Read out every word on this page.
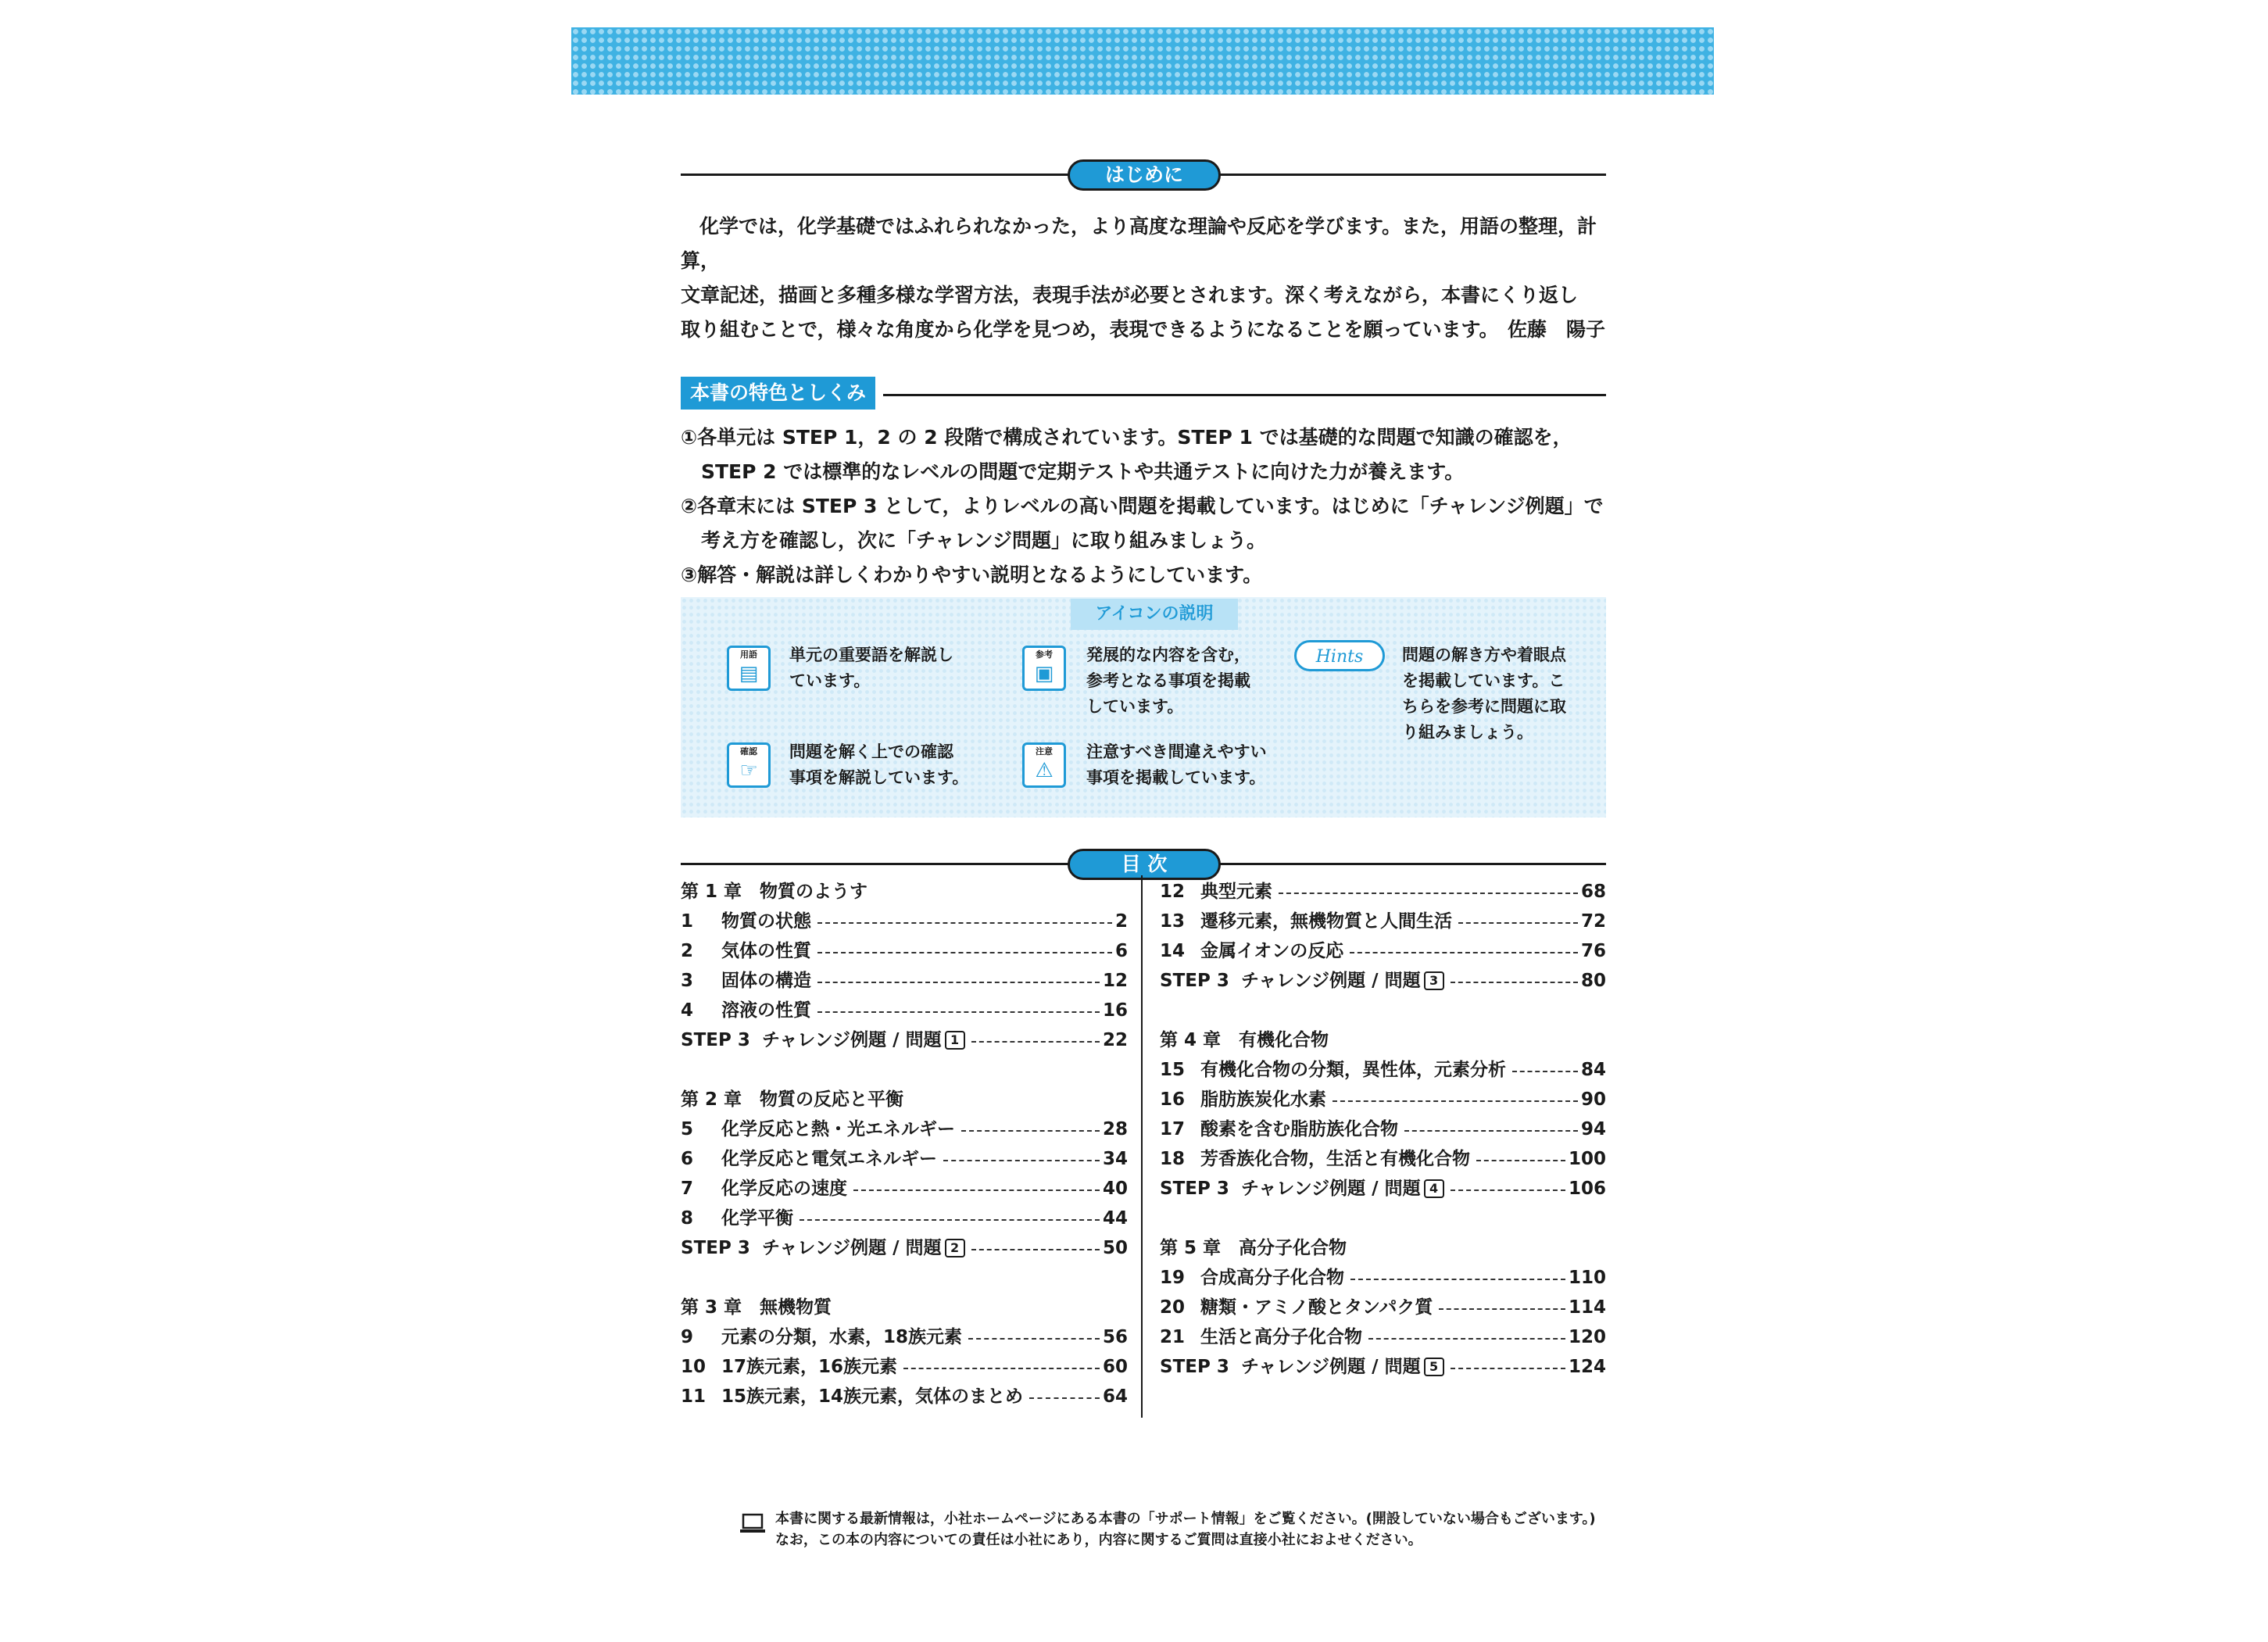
はじめに
化学では，化学基礎ではふれられなかった，より高度な理論や反応を学びます。また，用語の整理，計算，
文章記述，描画と多種多様な学習方法，表現手法が必要とされます。深く考えながら，本書にくり返し
取り組むことで，様々な角度から化学を見つめ，表現できるようになることを願っています。 佐藤　陽子
本書の特色としくみ
①各単元は STEP 1，2 の 2 段階で構成されています。STEP 1 では基礎的な問題で知識の確認を，
STEP 2 では標準的なレベルの問題で定期テストや共通テストに向けた力が養えます。
②各章末には STEP 3 として，よりレベルの高い問題を掲載しています。はじめに「チャレンジ例題」で
考え方を確認し，次に「チャレンジ問題」に取り組みましょう。
③解答・解説は詳しくわかりやすい説明となるようにしています。
アイコンの説明
用語
▤
単元の重要語を解説し
ています。
参考
▣
発展的な内容を含む，
参考となる事項を掲載
しています。
Hints	問題の解き方や着眼点
を掲載しています。こ
ちらを参考に問題に取
り組みましょう。
確認
☞
問題を解く上での確認
事項を解説しています。
注意
⚠
注意すべき間違えやすい
事項を掲載しています。
目 次
第 1 章　物質のようす
1	物質の状態	2
2	気体の性質	6
3	固体の構造	12
4	溶液の性質	16
STEP 3 チャレンジ例題 / 問題 1	22
第 2 章　物質の反応と平衡
5	化学反応と熱・光エネルギー	28
6	化学反応と電気エネルギー	34
7	化学反応の速度	40
8	化学平衡	44
STEP 3 チャレンジ例題 / 問題 2	50
第 3 章　無機物質
9	元素の分類，水素，18族元素	56
10 17族元素，16族元素	60
11 15族元素，14族元素，気体のまとめ	64
12 典型元素	68
13 遷移元素，無機物質と人間生活	72
14 金属イオンの反応	76
STEP 3 チャレンジ例題 / 問題 3	80
第 4 章　有機化合物
15 有機化合物の分類，異性体，元素分析	84
16 脂肪族炭化水素	90
17 酸素を含む脂肪族化合物	94
18 芳香族化合物，生活と有機化合物	100
STEP 3 チャレンジ例題 / 問題 4	106
第 5 章　高分子化合物
19 合成高分子化合物	110
20 糖類・アミノ酸とタンパク質	114
21 生活と高分子化合物	120
STEP 3 チャレンジ例題 / 問題 5	124
本書に関する最新情報は，小社ホームページにある本書の「サポート情報」をご覧ください。(開設していない場合もございます。)
なお，この本の内容についての責任は小社にあり，内容に関するご質問は直接小社におよせください。
